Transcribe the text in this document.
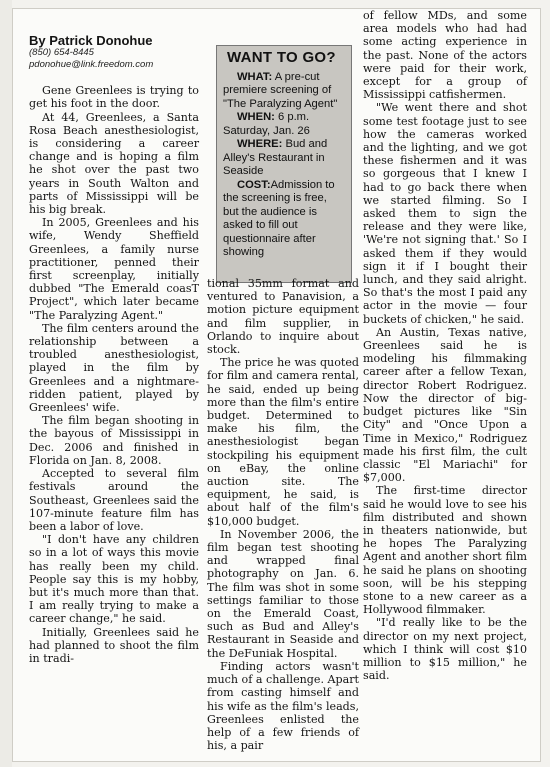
By Patrick Donohue

(850) 654-8445

pdonohue@link.freedom.com

Gene Greenlees is trying to get his foot in the door.

At 44, Greenlees, a Santa Rosa Beach anesthesiologist, is considering a career change and is hoping a film he shot over the past two years in South Walton and parts of Mississippi will be his big break.

In 2005, Greenlees and his wife, Wendy Sheffield Greenlees, a family nurse practitioner, penned their first screenplay, initially dubbed "The Emerald coasT Project", which later became "The Paralyzing Agent."

The film centers around the relationship between a troubled anesthesiologist, played in the film by Greenlees and a nightmare-ridden patient, played by Greenlees' wife.

The film began shooting in the bayous of Mississippi in Dec. 2006 and finished in Florida on Jan. 8, 2008.

Accepted to several film festivals around the Southeast, Greenlees said the 107-minute feature film has been a labor of love.

"I don't have any children so in a lot of ways this movie has really been my child. People say this is my hobby, but it's much more than that. I am really trying to make a career change," he said.

Initially, Greenlees said he had planned to shoot the film in tradi-

WANT TO GO?

WHAT: A pre-cut premiere screening of "The Paralyzing Agent"

WHEN: 6 p.m. Saturday, Jan. 26

WHERE: Bud and Alley's Restaurant in Seaside

COST:Admission to the screening is free, but the audience is asked to fill out questionnaire after showing

tional 35mm format and ventured to Panavision, a motion picture equipment and film supplier, in Orlando to inquire about stock.

The price he was quoted for film and camera rental, he said, ended up being more than the film's entire budget. Determined to make his film, the anesthesiologist began stockpiling his equipment on eBay, the online auction site. The equipment, he said, is about half of the film's $10,000 budget.

In November 2006, the film began test shooting and wrapped final photography on Jan. 6. The film was shot in some settings familiar to those on the Emerald Coast, such as Bud and Alley's Restaurant in Seaside and the DeFuniak Hospital.

Finding actors wasn't much of a challenge. Apart from casting himself and his wife as the film's leads, Greenlees enlisted the help of a few friends of his, a pair

of fellow MDs, and some area models who had had some acting experience in the past. None of the actors were paid for their work, except for a group of Mississippi catfishermen.

"We went there and shot some test footage just to see how the cameras worked and the lighting, and we got these fishermen and it was so gorgeous that I knew I had to go back there when we started filming. So I asked them to sign the release and they were like, 'We're not signing that.' So I asked them if they would sign it if I bought their lunch, and they said alright. So that's the most I paid any actor in the movie — four buckets of chicken," he said.

An Austin, Texas native, Greenlees said he is modeling his filmmaking career after a fellow Texan, director Robert Rodriguez. Now the director of big-budget pictures like "Sin City" and "Once Upon a Time in Mexico," Rodriguez made his first film, the cult classic "El Mariachi" for $7,000.

The first-time director said he would love to see his film distributed and shown in theaters nationwide, but he hopes The Paralyzing Agent and another short film he said he plans on shooting soon, will be his stepping stone to a new career as a Hollywood filmmaker.

"I'd really like to be the director on my next project, which I think will cost $10 million to $15 million," he said.
